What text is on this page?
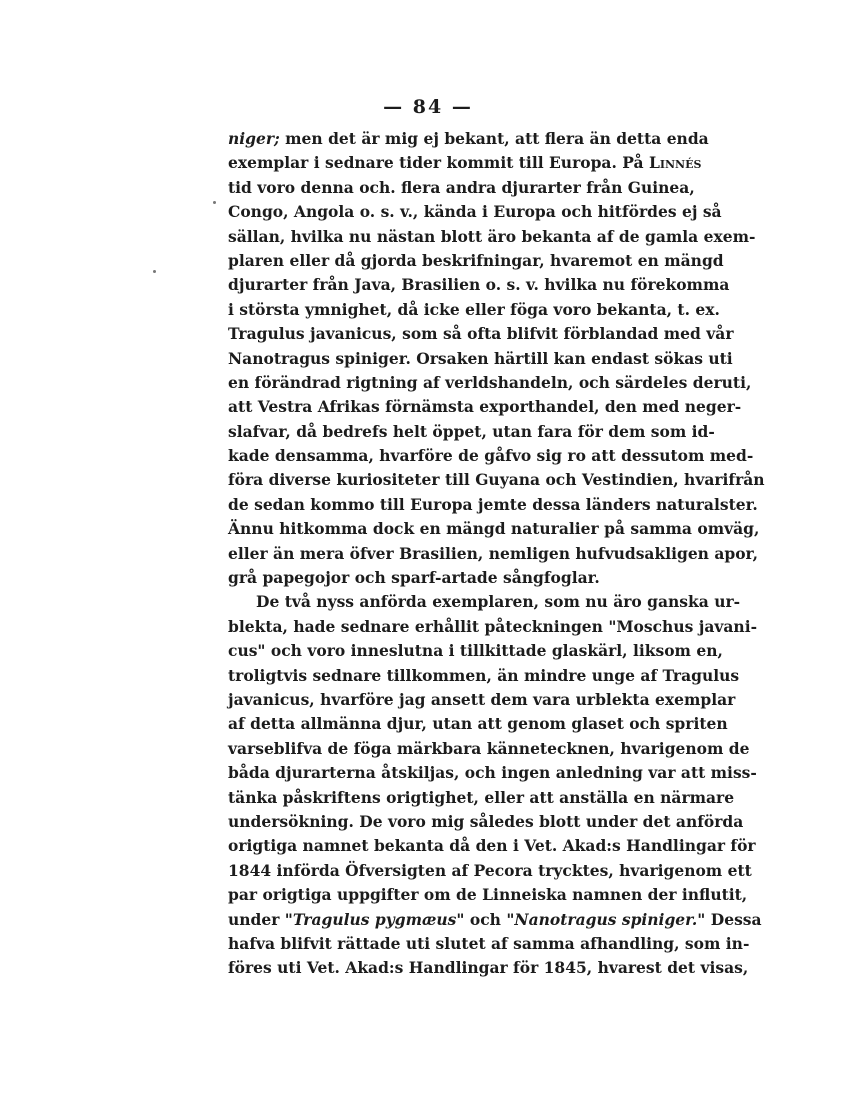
— 84 —
niger; men det är mig ej bekant, att flera än detta enda
exemplar i sednare tider kommit till Europa. På Linnés
tid voro denna och. flera andra djurarter från Guinea,
Congo, Angola o. s. v., kända i Europa och hitfördes ej så
sällan, hvilka nu nästan blott äro bekanta af de gamla exem-
plaren eller då gjorda beskrifningar, hvaremot en mängd
djurarter från Java, Brasilien o. s. v. hvilka nu förekomma
i största ymnighet, då icke eller föga voro bekanta, t. ex.
Tragulus javanicus, som så ofta blifvit förblandad med vår
Nanotragus spiniger. Orsaken härtill kan endast sökas uti
en förändrad rigtning af verldshandeln, och särdeles deruti,
att Vestra Afrikas förnämsta exporthandel, den med neger-
slafvar, då bedrefs helt öppet, utan fara för dem som id-
kade densamma, hvarföre de gåfvo sig ro att dessutom med-
föra diverse kuriositeter till Guyana och Vestindien, hvarifrån
de sedan kommo till Europa jemte dessa länders naturalster.
Ännu hitkomma dock en mängd naturalier på samma omväg,
eller än mera öfver Brasilien, nemligen hufvudsakligen apor,
grå papegojor och sparf-artade sångfoglar.
De två nyss anförda exemplaren, som nu äro ganska ur-
blekta, hade sednare erhållit påteckningen "Moschus javani-
cus" och voro inneslutna i tillkittade glaskärl, liksom en,
troligtvis sednare tillkommen, än mindre unge af Tragulus
javanicus, hvarföre jag ansett dem vara urblekta exemplar
af detta allmänna djur, utan att genom glaset och spriten
varseblifva de föga märkbara kännetecknen, hvarigenom de
båda djurarterna åtskiljas, och ingen anledning var att miss-
tänka påskriftens origtighet, eller att anställa en närmare
undersökning. De voro mig således blott under det anförda
origtiga namnet bekanta då den i Vet. Akad:s Handlingar för
1844 införda Öfversigten af Pecora trycktes, hvarigenom ett
par origtiga uppgifter om de Linneiska namnen der influtit,
under "Tragulus pygmæus" och "Nanotragus spiniger." Dessa
hafva blifvit rättade uti slutet af samma afhandling, som in-
föres uti Vet. Akad:s Handlingar för 1845, hvarest det visas,
